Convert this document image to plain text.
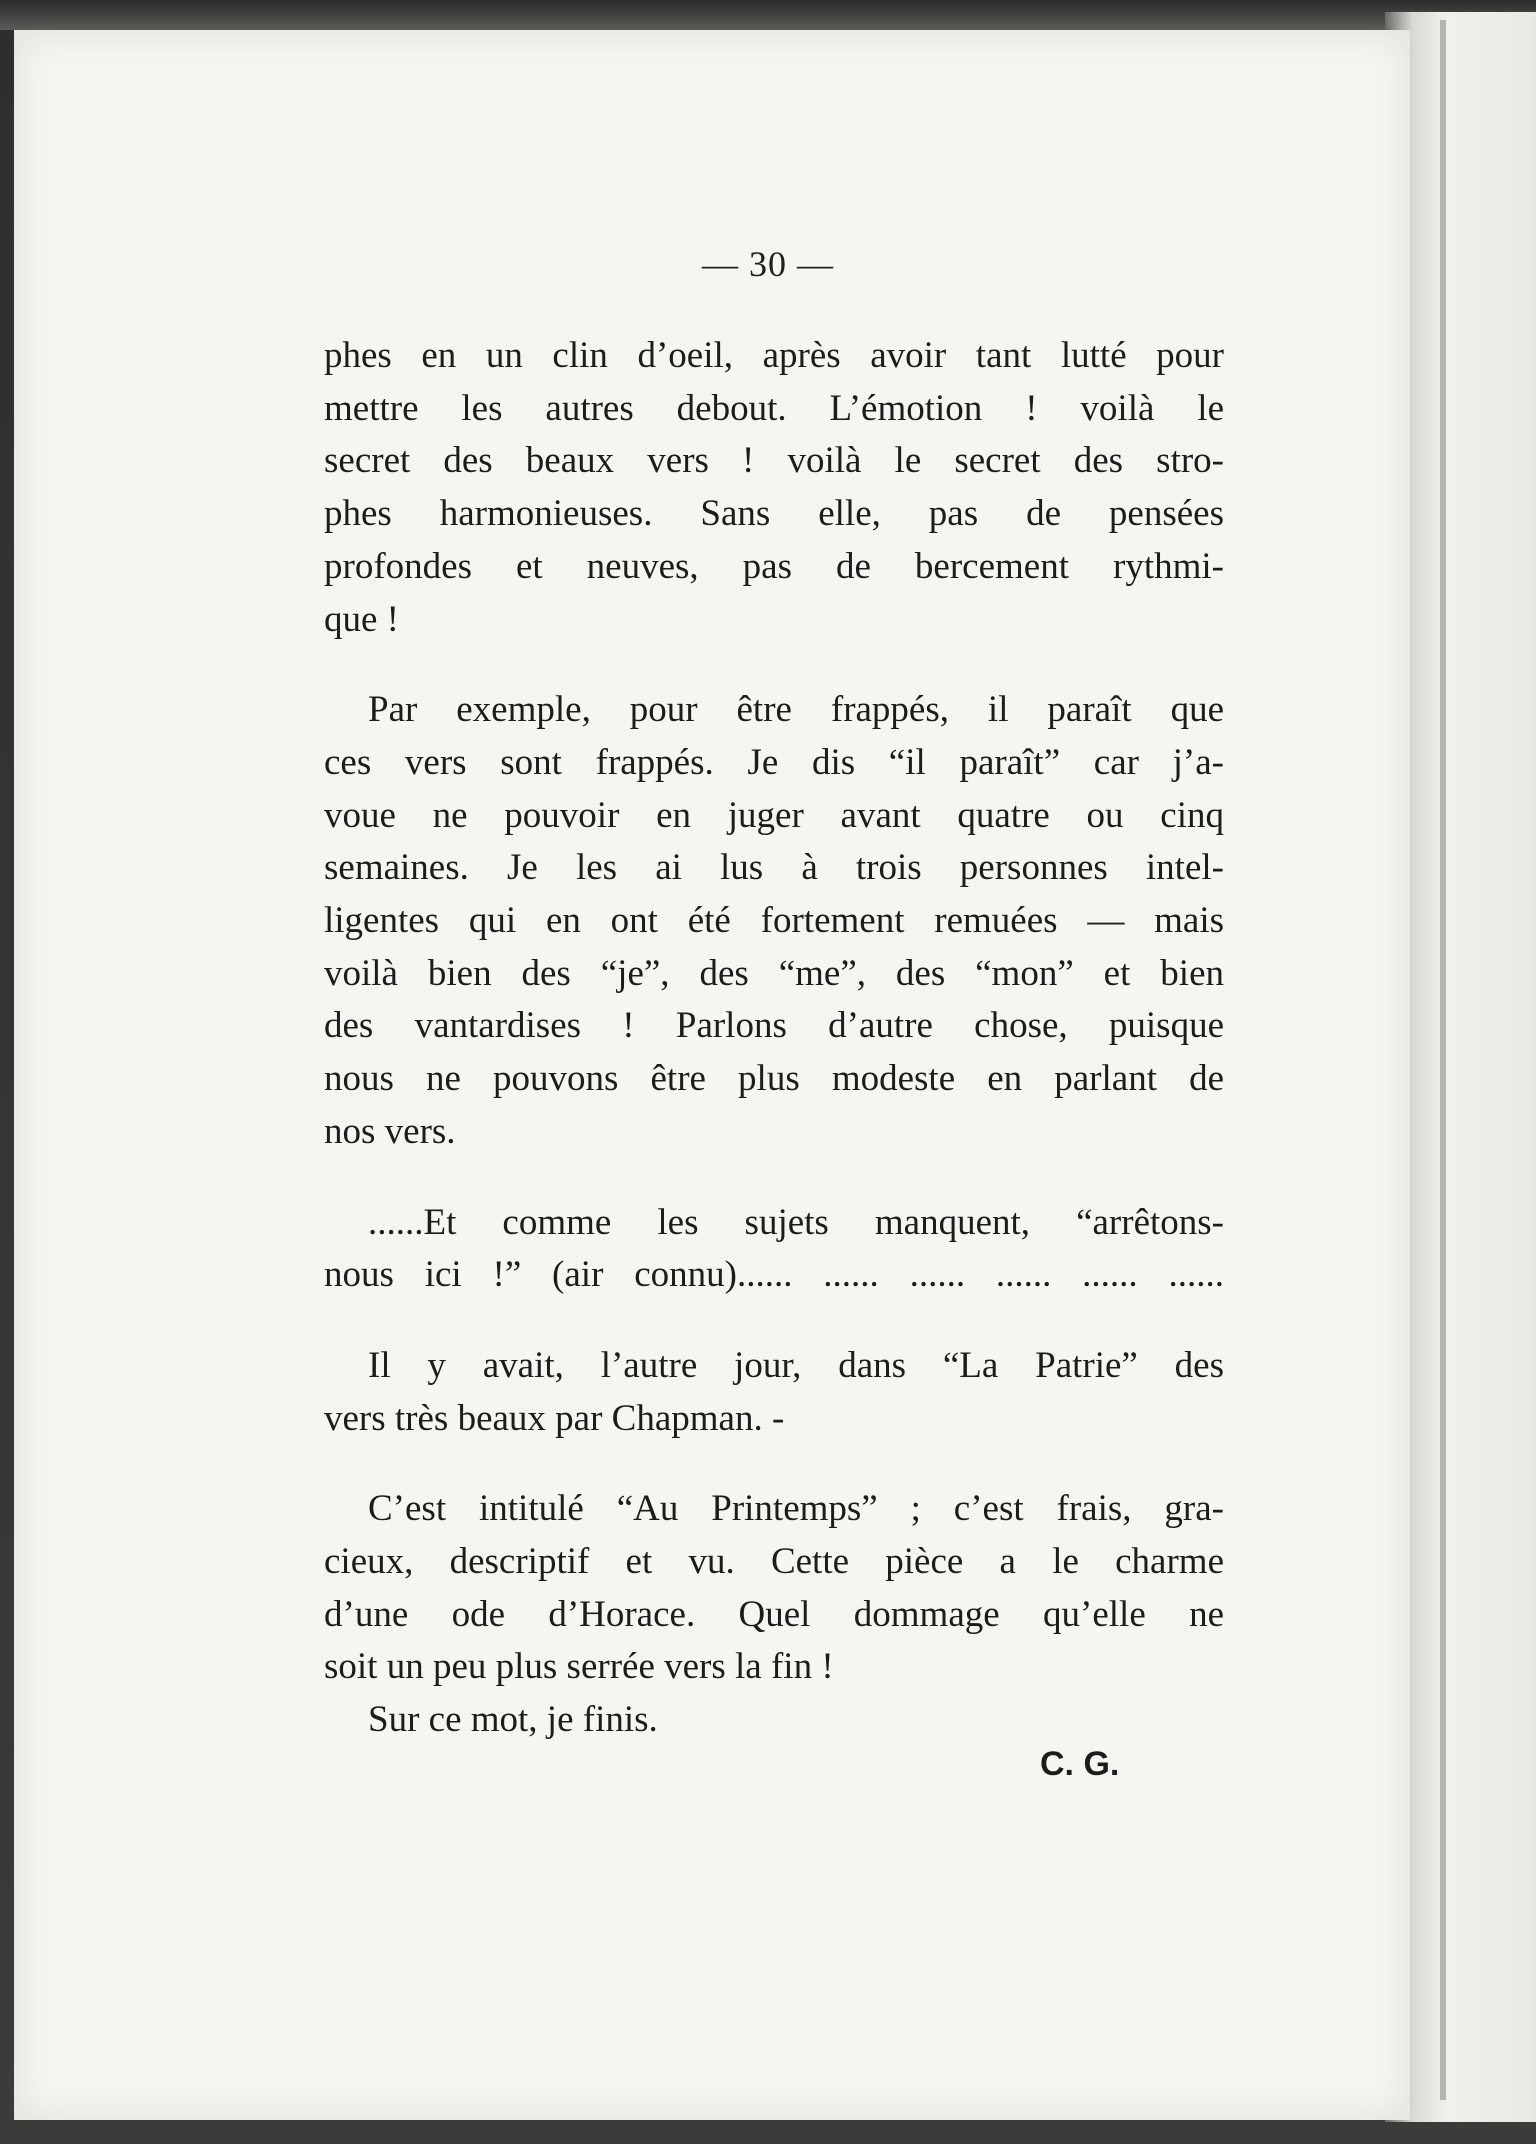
— 30 —

phes en un clin d’oeil, après avoir tant lutté pour
mettre les autres debout. L’émotion ! voilà le
secret des beaux vers ! voilà le secret des stro-
phes harmonieuses. Sans elle, pas de pensées
profondes et neuves, pas de bercement rythmi-
que !

Par exemple, pour être frappés, il paraît que
ces vers sont frappés. Je dis “il paraît” car j’a-
voue ne pouvoir en juger avant quatre ou cinq
semaines. Je les ai lus à trois personnes intel-
ligentes qui en ont été fortement remuées — mais
voilà bien des “je”, des “me”, des “mon” et bien
des vantardises ! Parlons d’autre chose, puisque
nous ne pouvons être plus modeste en parlant de
nos vers.

......Et comme les sujets manquent, “arrêtons-
nous ici !” (air connu)...... ...... ...... ...... ...... ......

Il y avait, l’autre jour, dans “La Patrie” des
vers très beaux par Chapman. -

C’est intitulé “Au Printemps” ; c’est frais, gra-
cieux, descriptif et vu. Cette pièce a le charme
d’une ode d’Horace. Quel dommage qu’elle ne
soit un peu plus serrée vers la fin !

Sur ce mot, je finis.

C. G.
